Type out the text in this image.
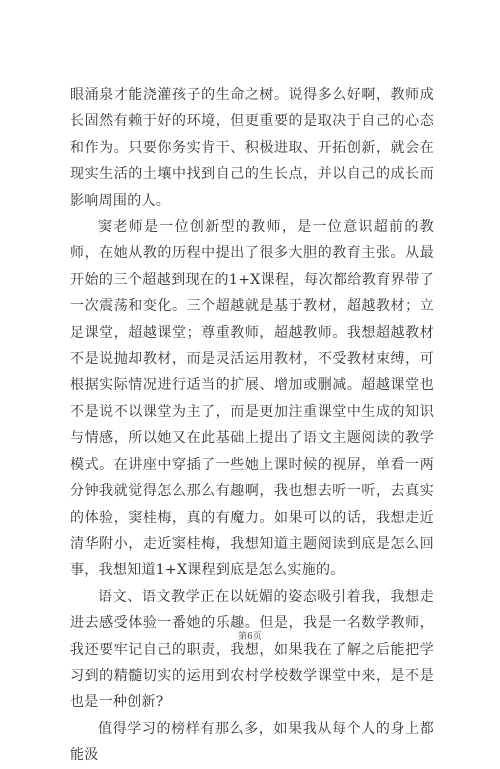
眼涌泉才能浇灌孩子的生命之树。说得多么好啊，教师成长固然有赖于好的环境，但更重要的是取决于自己的心态和作为。只要你务实肯干、积极进取、开拓创新，就会在现实生活的土壤中找到自己的生长点，并以自己的成长而影响周围的人。

窦老师是一位创新型的教师，是一位意识超前的教师，在她从教的历程中提出了很多大胆的教育主张。从最开始的三个超越到现在的1+X课程，每次都给教育界带了一次震荡和变化。三个超越就是基于教材，超越教材；立足课堂，超越课堂；尊重教师，超越教师。我想超越教材不是说抛却教材，而是灵活运用教材，不受教材束缚，可根据实际情况进行适当的扩展、增加或删减。超越课堂也不是说不以课堂为主了，而是更加注重课堂中生成的知识与情感，所以她又在此基础上提出了语文主题阅读的教学模式。在讲座中穿插了一些她上课时候的视屏，单看一两分钟我就觉得怎么那么有趣啊，我也想去听一听，去真实的体验，窦桂梅，真的有魔力。如果可以的话，我想走近清华附小，走近窦桂梅，我想知道主题阅读到底是怎么回事，我想知道1+X课程到底是怎么实施的。

语文、语文教学正在以妩媚的姿态吸引着我，我想走进去感受体验一番她的乐趣。但是，我是一名数学教师，我还要牢记自己的职责，我想，如果我在了解之后能把学习到的精髓切实的运用到农村学校数学课堂中来，是不是也是一种创新?

值得学习的榜样有那么多，如果我从每个人的身上都能汲

第6页
